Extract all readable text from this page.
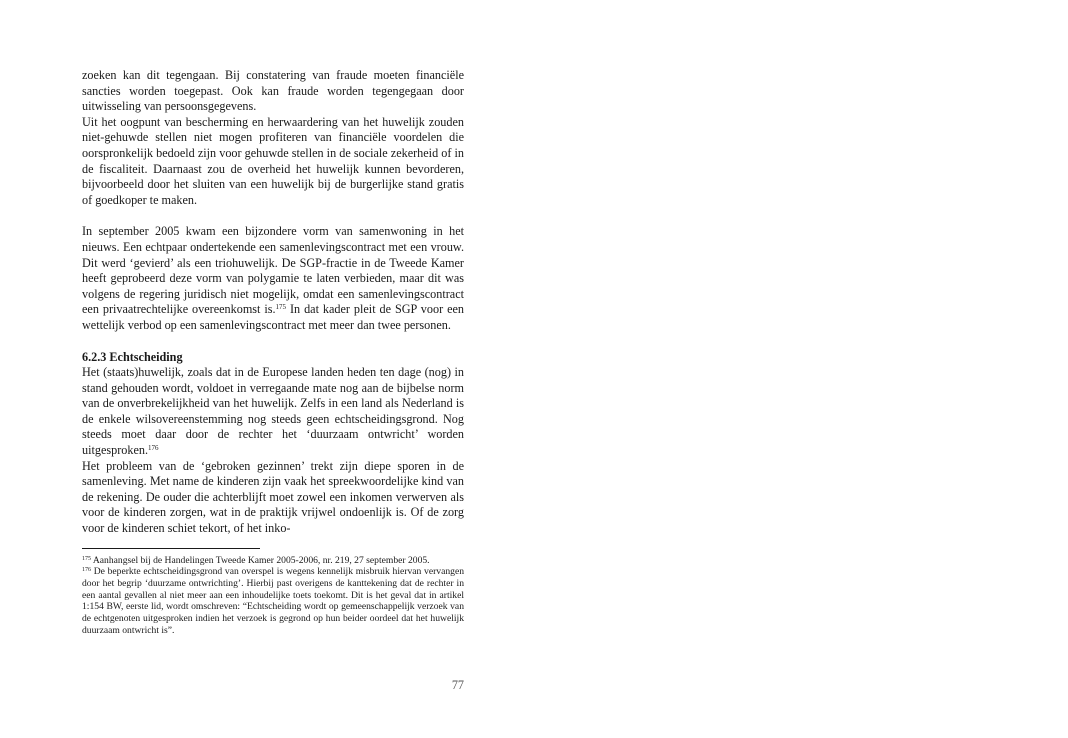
zoeken kan dit tegengaan. Bij constatering van fraude moeten financiële sancties worden toegepast. Ook kan fraude worden tegengegaan door uitwisseling van persoonsgegevens.

Uit het oogpunt van bescherming en herwaardering van het huwelijk zouden niet-gehuwde stellen niet mogen profiteren van financiële voordelen die oorspronkelijk bedoeld zijn voor gehuwde stellen in de sociale zekerheid of in de fiscaliteit. Daarnaast zou de overheid het huwelijk kunnen bevorderen, bijvoorbeeld door het sluiten van een huwelijk bij de burgerlijke stand gratis of goedkoper te maken.

In september 2005 kwam een bijzondere vorm van samenwoning in het nieuws. Een echtpaar ondertekende een samenlevingscontract met een vrouw. Dit werd ‘gevierd’ als een triohuwelijk. De SGP-fractie in de Tweede Kamer heeft geprobeerd deze vorm van polygamie te laten verbieden, maar dit was volgens de regering juridisch niet mogelijk, omdat een samenlevingscontract een privaatrechtelijke overeenkomst is.$^{175}$ In dat kader pleit de SGP voor een wettelijk verbod op een samenlevingscontract met meer dan twee personen.

6.2.3 Echtscheiding

Het (staats)huwelijk, zoals dat in de Europese landen heden ten dage (nog) in stand gehouden wordt, voldoet in verregaande mate nog aan de bijbelse norm van de onverbrekelijkheid van het huwelijk. Zelfs in een land als Nederland is de enkele wilsovereenstemming nog steeds geen echtscheidingsgrond. Nog steeds moet daar door de rechter het ‘duurzaam ontwricht’ worden uitgesproken.$^{176}$

Het probleem van de ‘gebroken gezinnen’ trekt zijn diepe sporen in de samenleving. Met name de kinderen zijn vaak het spreekwoordelijke kind van de rekening. De ouder die achterblijft moet zowel een inkomen verwerven als voor de kinderen zorgen, wat in de praktijk vrijwel ondoenlijk is. Of de zorg voor de kinderen schiet tekort, of het inko-

$^{175}$ Aanhangsel bij de Handelingen Tweede Kamer 2005-2006, nr. 219, 27 september 2005.

$^{176}$ De beperkte echtscheidingsgrond van overspel is wegens kennelijk misbruik hiervan vervangen door het begrip ‘duurzame ontwrichting’. Hierbij past overigens de kanttekening dat de rechter in een aantal gevallen al niet meer aan een inhoudelijke toets toekomt. Dit is het geval dat in artikel 1:154 BW, eerste lid, wordt omschreven: “Echtscheiding wordt op gemeenschappelijk verzoek van de echtgenoten uitgesproken indien het verzoek is gegrond op hun beider oordeel dat het huwelijk duurzaam ontwricht is”.

77
